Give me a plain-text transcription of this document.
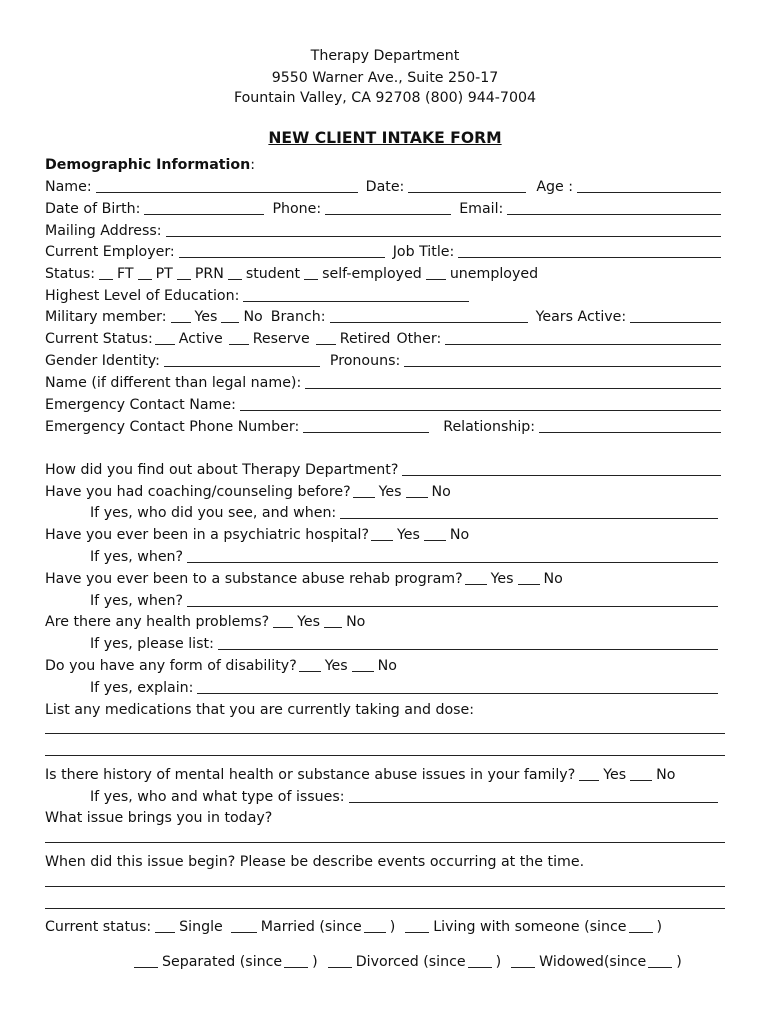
Therapy Department
9550 Warner Ave., Suite 250-17
Fountain Valley, CA 92708 (800) 944-7004
NEW CLIENT INTAKE FORM
Demographic Information :
Name:	Date:	Age :
Date of Birth:	Phone:	Email:
Mailing Address:
Current Employer:	Job Title:
Status: FT PT PRN student self-employed unemployed
Highest Level of Education:
Military member: Yes No Branch:	Years Active:
Current Status: Active Reserve Retired Other:
Gender Identity:	Pronouns:
Name (if different than legal name):
Emergency Contact Name:
Emergency Contact Phone Number:	Relationship:
How did you find out about Therapy Department?
Have you had coaching/counseling before? Yes No
If yes, who did you see, and when:
Have you ever been in a psychiatric hospital? Yes No
If yes, when?
Have you ever been to a substance abuse rehab program? Yes No
If yes, when?
Are there any health problems? Yes No
If yes, please list:
Do you have any form of disability? Yes No
If yes, explain:
List any medications that you are currently taking and dose:
Is there history of mental health or substance abuse issues in your family? Yes No
If yes, who and what type of issues:
What issue brings you in today?
When did this issue begin? Please be describe events occurring at the time.
Current status: Single	Married (since )	Living with someone (since )
Separated (since )	Divorced (since )	Widowed(since )
